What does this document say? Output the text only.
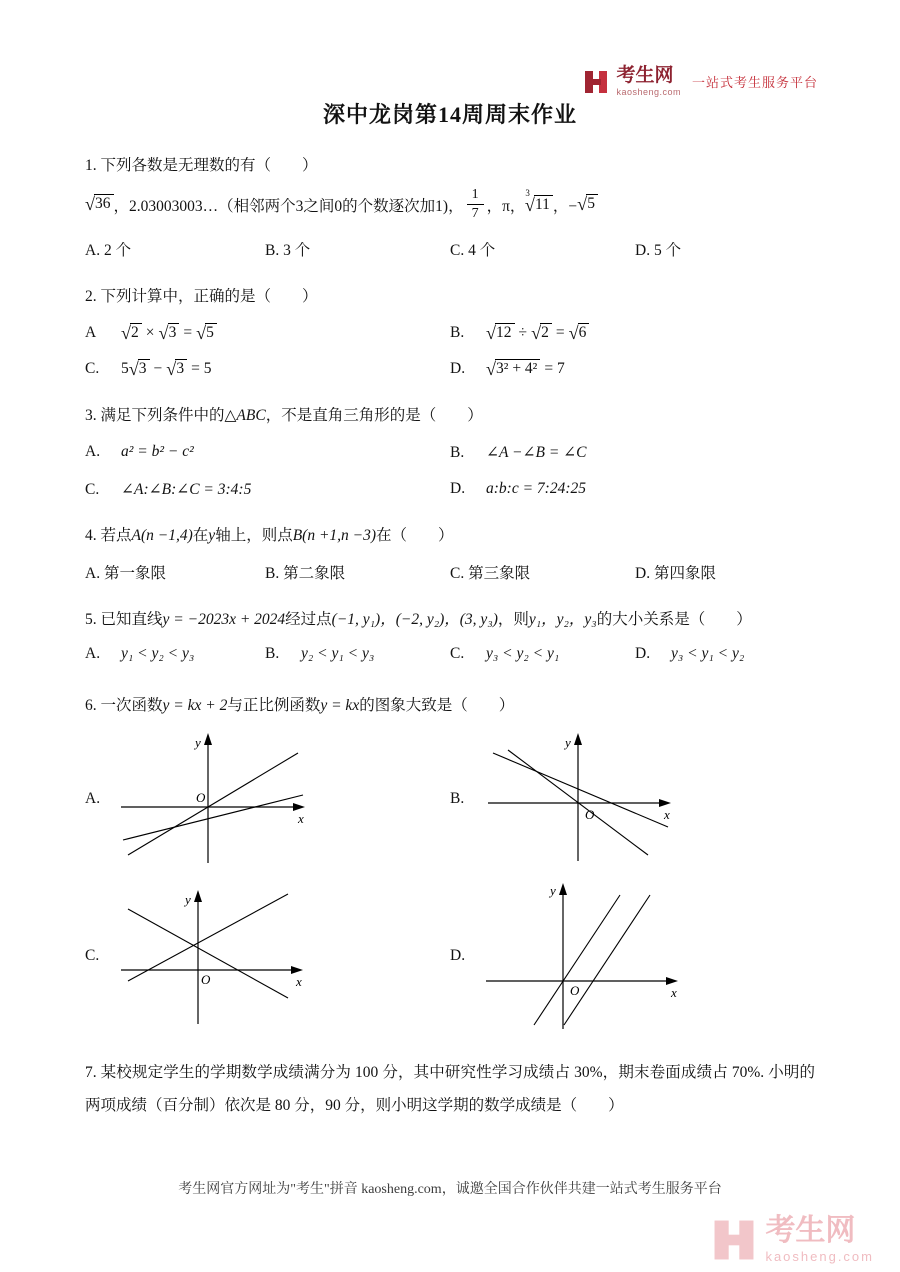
考生网
kaosheng.com
一站式考生服务平台
深中龙岗第14周周末作业

1. 下列各数是无理数的有（　　）

√36 ，2.03003003…（相邻两个3之间0的个数逐次加1)， $\frac{1}{7}$ ，π，
$^3$√11 ，− √5

A. 2 个	B. 3 个	C. 4 个	D. 5 个

2. 下列计算中，正确的是（　　）

A √2 × √3 = √5	B. √12 ÷ √2 = √6

C. 5√3 − √3 = 5	D. √3² + 4² = 7

3. 满足下列条件中的△ABC，不是直角三角形的是（　　）

A. a² = b² − c²	B. ∠A −∠B = ∠C

C. ∠A:∠B:∠C = 3:4:5	D. a:b:c = 7:24:25

4. 若点A(n −1,4)在y轴上，则点B(n +1,n −3)在（　　）

A. 第一象限	B. 第二象限	C. 第三象限	D. 第四象限

5. 已知直线y = −2023x + 2024经过点(−1, y₁)，(−2, y₂)，(3, y₃)，则y₁，y₂，y₃的大小关系是（　　）

A. y₁ < y₂ < y₃	B. y₂ < y₁ < y₃	C. y₃ < y₂ < y₁	D. y₃ < y₁ < y₂

6. 一次函数y = kx + 2与正比例函数y = kx的图象大致是（　　）

A.
y
x
O	B.
y
x
O
C.
y
x
O
D.
y
x
O

7. 某校规定学生的学期数学成绩满分为 100 分，其中研究性学习成绩占 30%，期末卷面成绩占 70%. 小明的两项成绩（百分制）依次是 80 分，90 分，则小明这学期的数学成绩是（　　）

考生网官方网址为"考生"拼音 kaosheng.com，诚邀全国合作伙伴共建一站式考生服务平台
考生网
kaosheng.com
